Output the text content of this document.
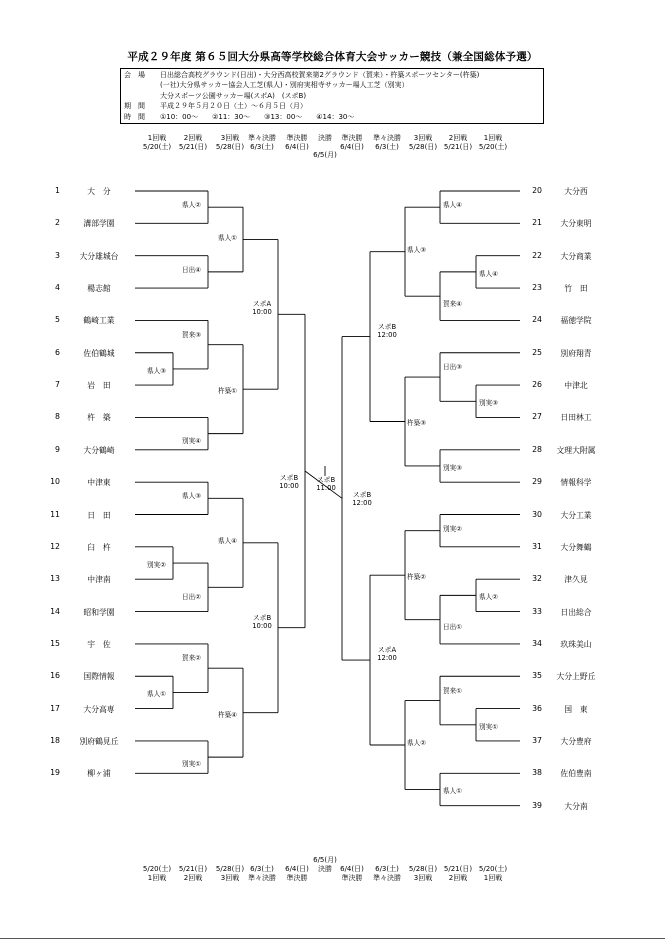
平成２９年度 第６５回大分県高等学校総合体育大会サッカー競技（兼全国総体予選）
会　場 日出総合高校グラウンド(日出)・大分西高校賀来第2グラウンド（賀来）・杵築スポーツセンター(杵築)
(一社)大分県サッカー協会人工芝(県人)・別府実相寺サッカー場人工芝（別実）
大分スポーツ公園サッカー場(スポA)　(スポB)
期　間 平成２９年５月２０日（土）～６月５日（月）
時　間 ①10：00～　　②11：30～　　③13：00～　　④14：30～
1回戦
5/20(土)
2回戦
5/21(日)
3回戦
5/28(日)
準々決勝
6/3(土)
準決勝
6/4(日)
決勝	準決勝
6/4(日)
準々決勝
6/3(土)
3回戦
5/28(日)
2回戦
5/21(日)
1回戦
5/20(土)
6/5(月)
5/20(土)
1回戦
5/21(日)
2回戦
5/28(日)
3回戦
6/3(土)
準々決勝
6/4(日)
準決勝
決勝	6/4(日)
準決勝
6/3(土)
準々決勝
5/28(日)
3回戦
5/21(日)
2回戦
5/20(土)
1回戦
6/5(月)
1	大　分
2	溝部学園
3	大分雄城台
4	楊志館
5	鶴崎工業
6	佐伯鶴城
7	岩　田
8	杵　築
9	大分鶴崎
10	中津東
11	日　田
12	臼　杵
13	中津南
14	昭和学園
15	宇　佐
16	国際情報
17	大分高専
18	別府鶴見丘
19	柳ヶ浦
20	大分西
21	大分東明
22	大分商業
23	竹　田
24	福徳学院
25	別府翔青
26	中津北
27	日田林工
28	文理大附属
29	情報科学
30	大分工業
31	大分舞鶴
32	津久見
33	日出総合
34	玖珠美山
35	大分上野丘
36	国　東
37	大分豊府
38	佐伯豊南
39	大分南
県人②
日出④
県人①
県人③
賀来③
杵築①
別実④
県人③
別実②
日出②
県人④
賀来②
県人①
杵築④
別実①
スポA
10:00
スポB
10:00
スポB
10:00
スポB
11:00
スポB
12:00
スポB
12:00
スポA
12:00
県人④
県人③
県人④
賀来④
日出③
別実③
杵築③
別実③
別実②
杵築②
県人②
日出①
賀来①
別実①
県人②
県人①
